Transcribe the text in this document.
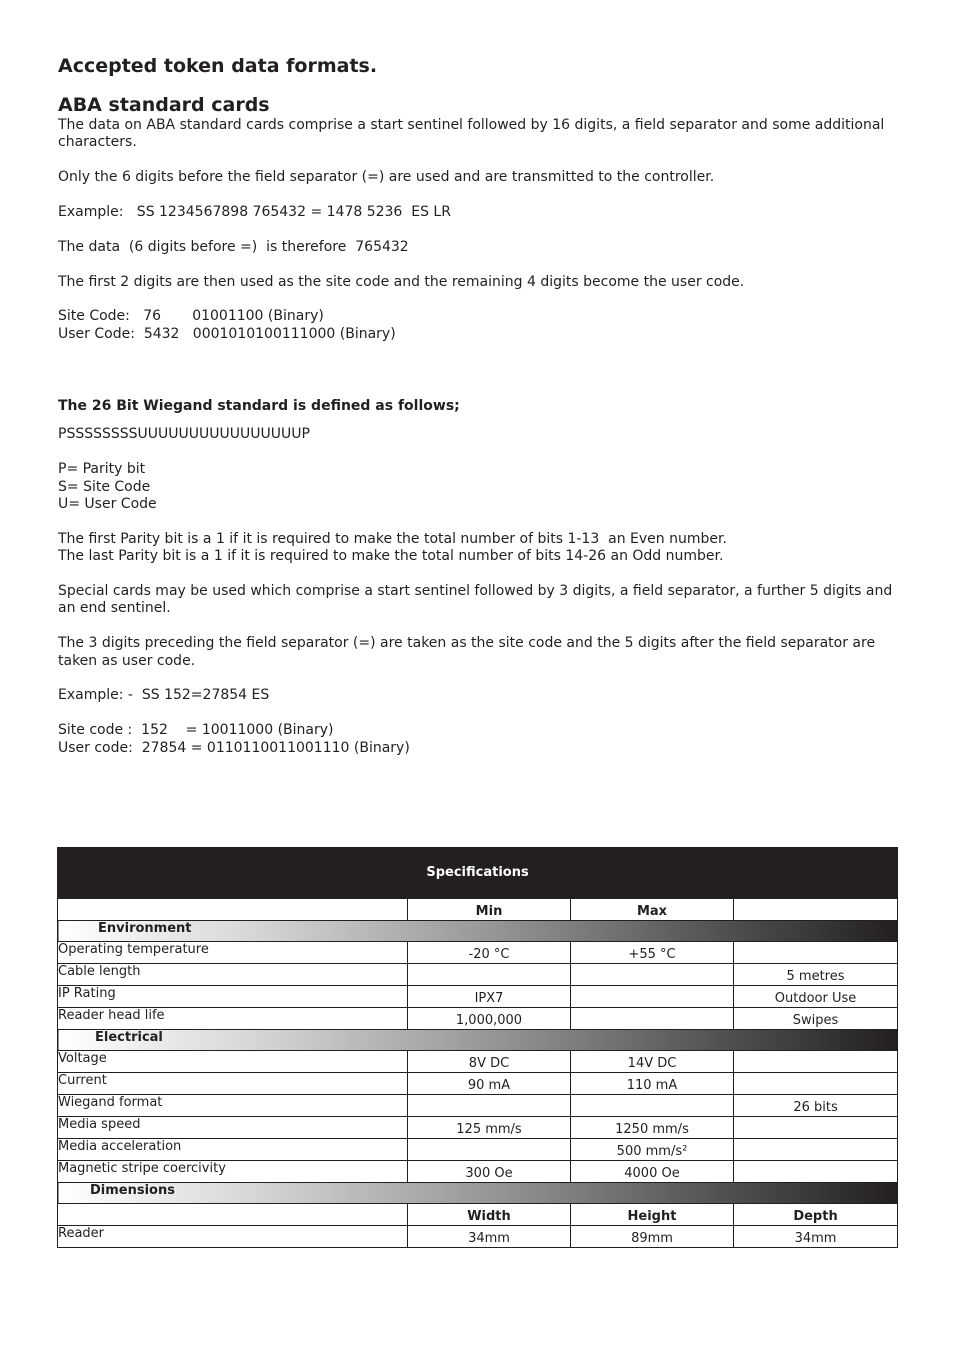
Accepted token data formats.
ABA standard cards

The data on ABA standard cards comprise a start sentinel followed by 16 digits, a field separator and some additional characters.

Only the 6 digits before the field separator (=) are used and are transmitted to the controller.

Example:   SS 1234567898 765432 = 1478 5236  ES LR

The data  (6 digits before =)  is therefore  765432

The first 2 digits are then used as the site code and the remaining 4 digits become the user code.

Site Code:   76       01001100 (Binary)

User Code:  5432   0001010100111000 (Binary)

The 26 Bit Wiegand standard is defined as follows;

PSSSSSSSSUUUUUUUUUUUUUUUUP

P= Parity bit

S= Site Code

U= User Code

The first Parity bit is a 1 if it is required to make the total number of bits 1-13  an Even number.

The last Parity bit is a 1 if it is required to make the total number of bits 14-26 an Odd number.

Special cards may be used which comprise a start sentinel followed by 3 digits, a field separator, a further 5 digits and an end sentinel.

The 3 digits preceding the field separator (=) are taken as the site code and the 5 digits after the field separator are taken as user code.

Example: -  SS 152=27854 ES

Site code :  152    = 10011000 (Binary)

User code:  27854 = 0110110011001110 (Binary)

Specifications			
	Min	Max	
Environment			
Operating temperature	-20 °C	+55 °C	
Cable length			5 metres
IP Rating	IPX7		Outdoor Use
Reader head life	1,000,000		Swipes
Electrical			
Voltage	8V DC	14V DC	
Current	90 mA	110 mA	
Wiegand format			26 bits
Media speed	125 mm/s	1250 mm/s	
Media acceleration		500 mm/s²	
Magnetic stripe coercivity	300 Oe	4000 Oe	
Dimensions			
	Width	Height	Depth
Reader	34mm	89mm	34mm
